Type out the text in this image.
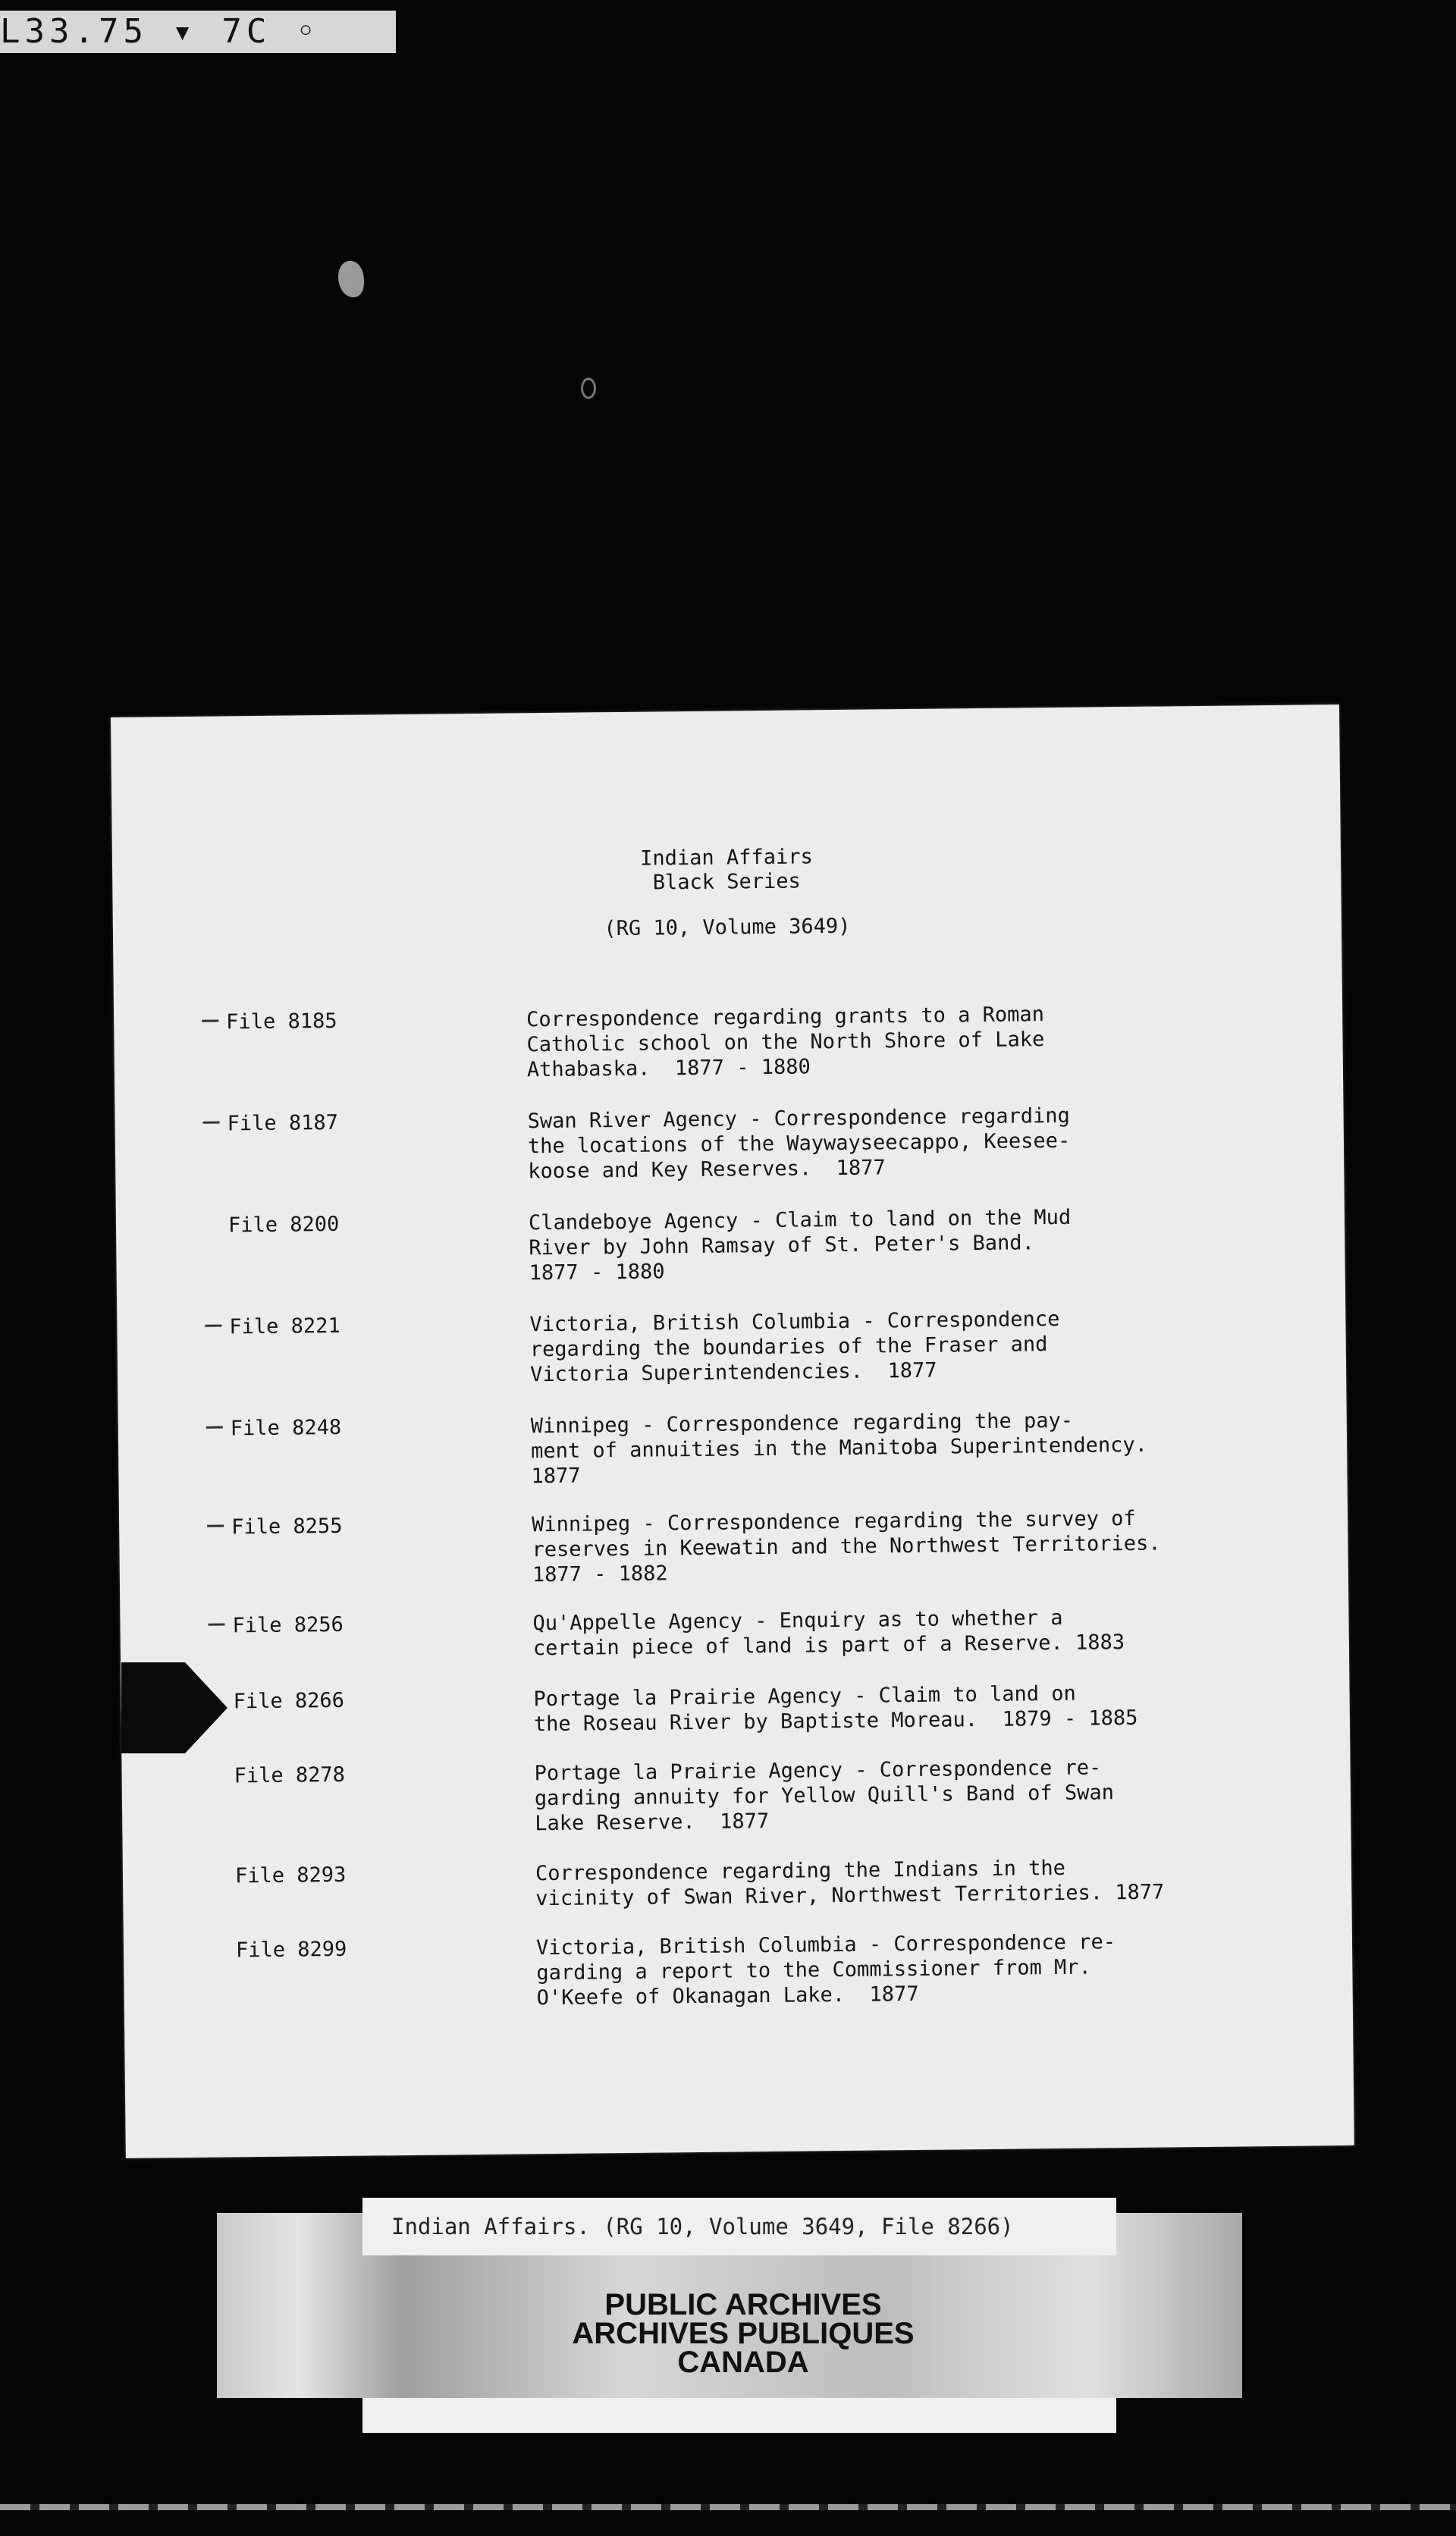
L33.75 ▾ 7C ◦
Indian Affairs
Black Series
(RG 10, Volume 3649)
File 8185	Correspondence regarding grants to a Roman
Catholic school on the North Shore of Lake
Athabaska.  1877 - 1880
File 8187	Swan River Agency - Correspondence regarding
the locations of the Waywayseecappo, Keesee-
koose and Key Reserves.  1877
File 8200	Clandeboye Agency - Claim to land on the Mud
River by John Ramsay of St. Peter's Band.
1877 - 1880
File 8221	Victoria, British Columbia - Correspondence
regarding the boundaries of the Fraser and
Victoria Superintendencies.  1877
File 8248	Winnipeg - Correspondence regarding the pay-
ment of annuities in the Manitoba Superintendency.
1877
File 8255	Winnipeg - Correspondence regarding the survey of
reserves in Keewatin and the Northwest Territories.
1877 - 1882
File 8256	Qu'Appelle Agency - Enquiry as to whether a
certain piece of land is part of a Reserve. 1883
File 8266	Portage la Prairie Agency - Claim to land on
the Roseau River by Baptiste Moreau.  1879 - 1885
File 8278	Portage la Prairie Agency - Correspondence re-
garding annuity for Yellow Quill's Band of Swan
Lake Reserve.  1877
File 8293	Correspondence regarding the Indians in the
vicinity of Swan River, Northwest Territories. 1877
File 8299	Victoria, British Columbia - Correspondence re-
garding a report to the Commissioner from Mr.
O'Keefe of Okanagan Lake.  1877
Indian Affairs. (RG 10, Volume 3649, File 8266)
PUBLIC ARCHIVES
ARCHIVES PUBLIQUES
CANADA
